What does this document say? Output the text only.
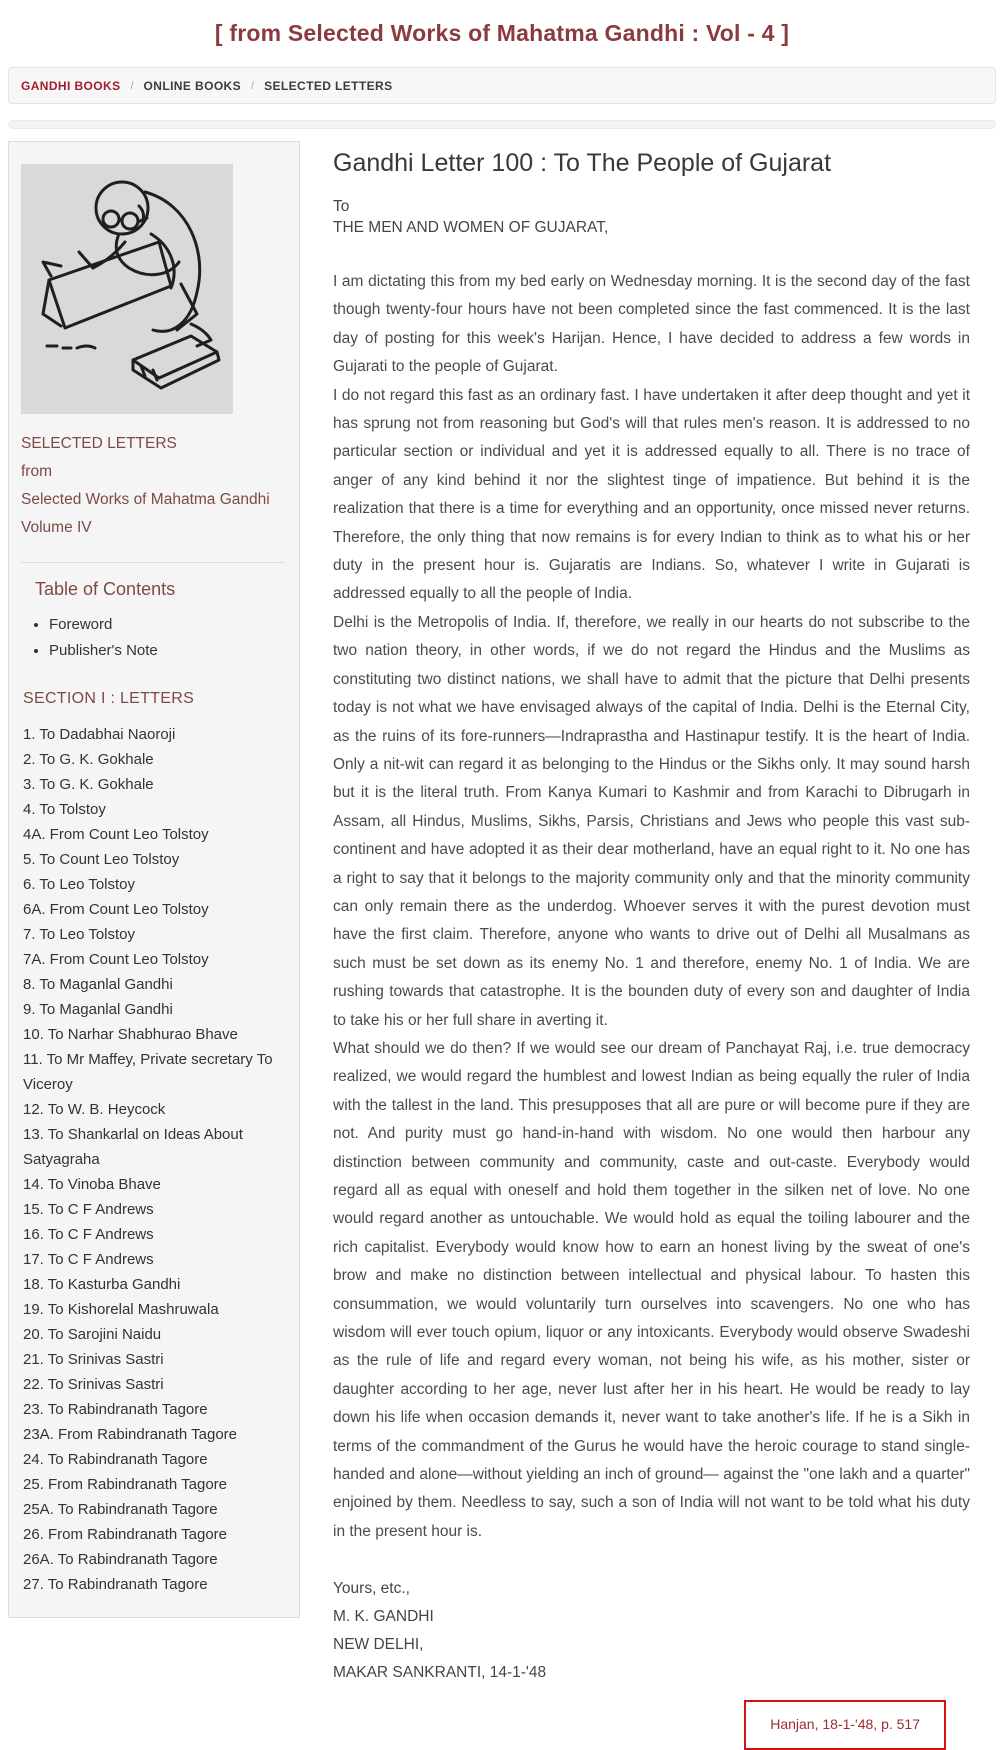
[ from Selected Works of Mahatma Gandhi : Vol - 4 ]
GANDHI BOOKS / ONLINE BOOKS / SELECTED LETTERS
SELECTED LETTERS
from
Selected Works of Mahatma Gandhi
Volume IV
Table of Contents
• Foreword
• Publisher's Note
SECTION I : LETTERS
1. To Dadabhai Naoroji
2. To G. K. Gokhale
3. To G. K. Gokhale
4. To Tolstoy
4A. From Count Leo Tolstoy
5. To Count Leo Tolstoy
6. To Leo Tolstoy
6A. From Count Leo Tolstoy
7. To Leo Tolstoy
7A. From Count Leo Tolstoy
8. To Maganlal Gandhi
9. To Maganlal Gandhi
10. To Narhar Shabhurao Bhave
11. To Mr Maffey, Private secretary To Viceroy
12. To W. B. Heycock
13. To Shankarlal on Ideas About Satyagraha
14. To Vinoba Bhave
15. To C F Andrews
16. To C F Andrews
17. To C F Andrews
18. To Kasturba Gandhi
19. To Kishorelal Mashruwala
20. To Sarojini Naidu
21. To Srinivas Sastri
22. To Srinivas Sastri
23. To Rabindranath Tagore
23A. From Rabindranath Tagore
24. To Rabindranath Tagore
25. From Rabindranath Tagore
25A. To Rabindranath Tagore
26. From Rabindranath Tagore
26A. To Rabindranath Tagore
27. To Rabindranath Tagore
Gandhi Letter 100 : To The People of Gujarat
To
THE MEN AND WOMEN OF GUJARAT,

I am dictating this from my bed early on Wednesday morning. It is the second day of the fast though twenty-four hours have not been completed since the fast commenced. It is the last day of posting for this week's Harijan. Hence, I have decided to address a few words in Gujarati to the people of Gujarat.

I do not regard this fast as an ordinary fast. I have undertaken it after deep thought and yet it has sprung not from reasoning but God's will that rules men's reason. It is addressed to no particular section or individual and yet it is addressed equally to all. There is no trace of anger of any kind behind it nor the slightest tinge of impatience. But behind it is the realization that there is a time for everything and an opportunity, once missed never returns. Therefore, the only thing that now remains is for every Indian to think as to what his or her duty in the present hour is. Gujaratis are Indians. So, whatever I write in Gujarati is addressed equally to all the people of India.

Delhi is the Metropolis of India. If, therefore, we really in our hearts do not subscribe to the two nation theory, in other words, if we do not regard the Hindus and the Muslims as constituting two distinct nations, we shall have to admit that the picture that Delhi presents today is not what we have envisaged always of the capital of India. Delhi is the Eternal City, as the ruins of its fore-runners—Indraprastha and Hastinapur testify. It is the heart of India. Only a nit-wit can regard it as belonging to the Hindus or the Sikhs only. It may sound harsh but it is the literal truth. From Kanya Kumari to Kashmir and from Karachi to Dibrugarh in Assam, all Hindus, Muslims, Sikhs, Parsis, Christians and Jews who people this vast sub-continent and have adopted it as their dear motherland, have an equal right to it. No one has a right to say that it belongs to the majority community only and that the minority community can only remain there as the underdog. Whoever serves it with the purest devotion must have the first claim. Therefore, anyone who wants to drive out of Delhi all Musalmans as such must be set down as its enemy No. 1 and therefore, enemy No. 1 of India. We are rushing towards that catastrophe. It is the bounden duty of every son and daughter of India to take his or her full share in averting it.

What should we do then? If we would see our dream of Panchayat Raj, i.e. true democracy realized, we would regard the humblest and lowest Indian as being equally the ruler of India with the tallest in the land. This presupposes that all are pure or will become pure if they are not. And purity must go hand-in-hand with wisdom. No one would then harbour any distinction between community and community, caste and out-caste. Everybody would regard all as equal with oneself and hold them together in the silken net of love. No one would regard another as untouchable. We would hold as equal the toiling labourer and the rich capitalist. Everybody would know how to earn an honest living by the sweat of one's brow and make no distinction between intellectual and physical labour. To hasten this consummation, we would voluntarily turn ourselves into scavengers. No one who has wisdom will ever touch opium, liquor or any intoxicants. Everybody would observe Swadeshi as the rule of life and regard every woman, not being his wife, as his mother, sister or daughter according to her age, never lust after her in his heart. He would be ready to lay down his life when occasion demands it, never want to take another's life. If he is a Sikh in terms of the commandment of the Gurus he would have the heroic courage to stand single- handed and alone—without yielding an inch of ground— against the "one lakh and a quarter" enjoined by them. Needless to say, such a son of India will not want to be told what his duty in the present hour is.

Yours, etc.,
M. K. GANDHI
NEW DELHI,
MAKAR SANKRANTI, 14-1-'48
Hanjan, 18-1-'48, p. 517
